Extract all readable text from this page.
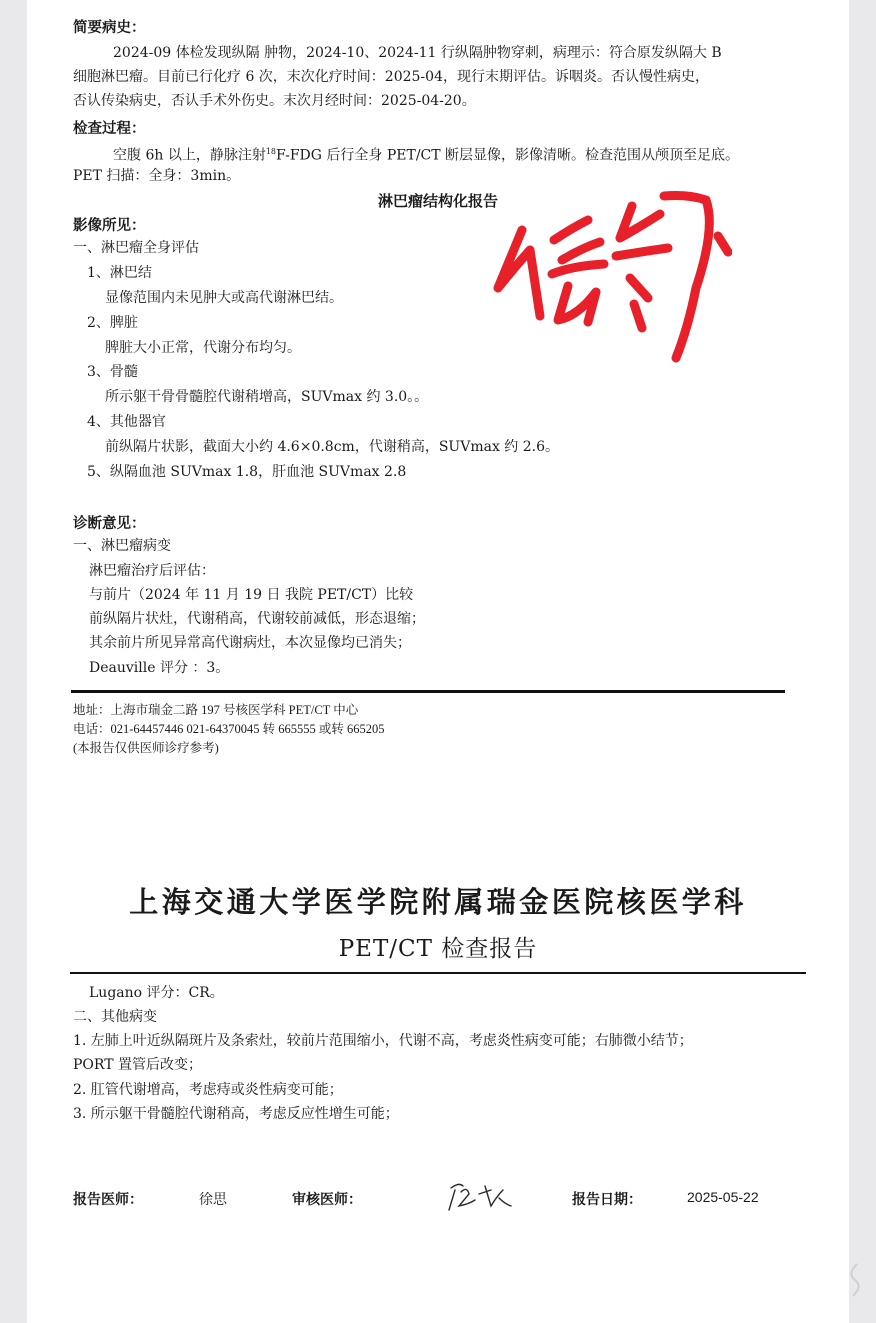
简要病史：
2024-09 体检发现纵隔 肿物，2024-10、2024-11 行纵隔肿物穿刺，病理示：符合原发纵隔大 B
细胞淋巴瘤。目前已行化疗 6 次，末次化疗时间：2025-04，现行末期评估。诉咽炎。否认慢性病史，
否认传染病史，否认手术外伤史。末次月经时间：2025-04-20。
检查过程：
空腹 6h 以上，静脉注射$^{18}$F-FDG 后行全身 PET/CT 断层显像，影像清晰。检查范围从颅顶至足底。
PET 扫描：全身：3min。
淋巴瘤结构化报告
影像所见：
一、淋巴瘤全身评估
1、淋巴结
显像范围内未见肿大或高代谢淋巴结。
2、脾脏
脾脏大小正常，代谢分布均匀。
3、骨髓
所示躯干骨骨髓腔代谢稍增高，SUVmax 约 3.0。。
4、其他器官
前纵隔片状影，截面大小约 4.6×0.8cm，代谢稍高，SUVmax 约 2.6。
5、纵隔血池 SUVmax 1.8，肝血池 SUVmax 2.8
诊断意见：
一、淋巴瘤病变
淋巴瘤治疗后评估：
与前片（2024 年 11 月 19 日 我院 PET/CT）比较
前纵隔片状灶，代谢稍高，代谢较前减低，形态退缩；
其余前片所见异常高代谢病灶，本次显像均已消失；
Deauville 评分 ：3。
地址：上海市瑞金二路 197 号核医学科 PET/CT 中心
电话：021-64457446 021-64370045 转 665555 或转 665205
(本报告仅供医师诊疗参考)
上海交通大学医学院附属瑞金医院核医学科
PET/CT 检查报告
Lugano 评分：CR。
二、其他病变
1. 左肺上叶近纵隔斑片及条索灶，较前片范围缩小，代谢不高，考虑炎性病变可能；右肺微小结节；
PORT 置管后改变；
2. 肛管代谢增高，考虑痔或炎性病变可能；
3. 所示躯干骨髓腔代谢稍高，考虑反应性增生可能；
报告医师：	徐思	审核医师：	报告日期：	2025-05-22
